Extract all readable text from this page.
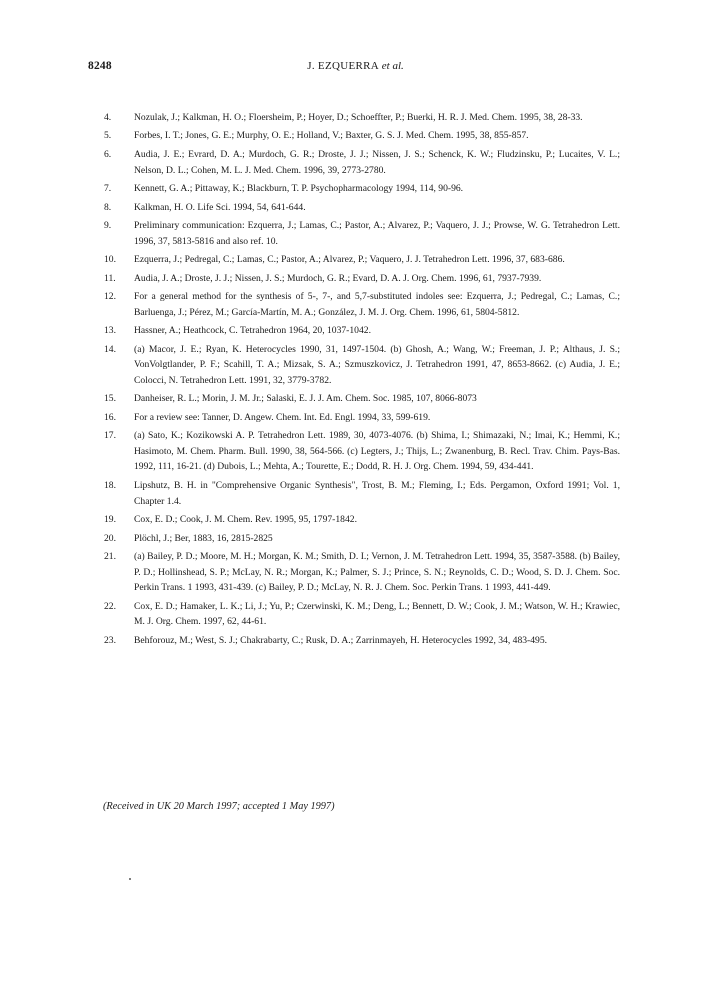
8248	J. EZQUERRA et al.
4. Nozulak, J.; Kalkman, H. O.; Floersheim, P.; Hoyer, D.; Schoeffter, P.; Buerki, H. R. J. Med. Chem. 1995, 38, 28-33.
5. Forbes, I. T.; Jones, G. E.; Murphy, O. E.; Holland, V.; Baxter, G. S. J. Med. Chem. 1995, 38, 855-857.
6. Audia, J. E.; Evrard, D. A.; Murdoch, G. R.; Droste, J. J.; Nissen, J. S.; Schenck, K. W.; Fludzinsku, P.; Lucaites, V. L.; Nelson, D. L.; Cohen, M. L. J. Med. Chem. 1996, 39, 2773-2780.
7. Kennett, G. A.; Pittaway, K.; Blackburn, T. P. Psychopharmacology 1994, 114, 90-96.
8. Kalkman, H. O. Life Sci. 1994, 54, 641-644.
9. Preliminary communication: Ezquerra, J.; Lamas, C.; Pastor, A.; Alvarez, P.; Vaquero, J. J.; Prowse, W. G. Tetrahedron Lett. 1996, 37, 5813-5816 and also ref. 10.
10. Ezquerra, J.; Pedregal, C.; Lamas, C.; Pastor, A.; Alvarez, P.; Vaquero, J. J. Tetrahedron Lett. 1996, 37, 683-686.
11. Audia, J. A.; Droste, J. J.; Nissen, J. S.; Murdoch, G. R.; Evard, D. A. J. Org. Chem. 1996, 61, 7937-7939.
12. For a general method for the synthesis of 5-, 7-, and 5,7-substituted indoles see: Ezquerra, J.; Pedregal, C.; Lamas, C.; Barluenga, J.; Pérez, M.; García-Martín, M. A.; González, J. M. J. Org. Chem. 1996, 61, 5804-5812.
13. Hassner, A.; Heathcock, C. Tetrahedron 1964, 20, 1037-1042.
14. (a) Macor, J. E.; Ryan, K. Heterocycles 1990, 31, 1497-1504. (b) Ghosh, A.; Wang, W.; Freeman, J. P.; Althaus, J. S.; VonVolgtlander, P. F.; Scahill, T. A.; Mizsak, S. A.; Szmuszkovicz, J. Tetrahedron 1991, 47, 8653-8662. (c) Audia, J. E.; Colocci, N. Tetrahedron Lett. 1991, 32, 3779-3782.
15. Danheiser, R. L.; Morin, J. M. Jr.; Salaski, E. J. J. Am. Chem. Soc. 1985, 107, 8066-8073
16. For a review see: Tanner, D. Angew. Chem. Int. Ed. Engl. 1994, 33, 599-619.
17. (a) Sato, K.; Kozikowski A. P. Tetrahedron Lett. 1989, 30, 4073-4076. (b) Shima, I.; Shimazaki, N.; Imai, K.; Hemmi, K.; Hasimoto, M. Chem. Pharm. Bull. 1990, 38, 564-566. (c) Legters, J.; Thijs, L.; Zwanenburg, B. Recl. Trav. Chim. Pays-Bas. 1992, 111, 16-21. (d) Dubois, L.; Mehta, A.; Tourette, E.; Dodd, R. H. J. Org. Chem. 1994, 59, 434-441.
18. Lipshutz, B. H. in "Comprehensive Organic Synthesis", Trost, B. M.; Fleming, I.; Eds. Pergamon, Oxford 1991; Vol. 1, Chapter 1.4.
19. Cox, E. D.; Cook, J. M. Chem. Rev. 1995, 95, 1797-1842.
20. Plöchl, J.; Ber, 1883, 16, 2815-2825
21. (a) Bailey, P. D.; Moore, M. H.; Morgan, K. M.; Smith, D. I.; Vernon, J. M. Tetrahedron Lett. 1994, 35, 3587-3588. (b) Bailey, P. D.; Hollinshead, S. P.; McLay, N. R.; Morgan, K.; Palmer, S. J.; Prince, S. N.; Reynolds, C. D.; Wood, S. D. J. Chem. Soc. Perkin Trans. 1 1993, 431-439. (c) Bailey, P. D.; McLay, N. R. J. Chem. Soc. Perkin Trans. 1 1993, 441-449.
22. Cox, E. D.; Hamaker, L. K.; Li, J.; Yu, P.; Czerwinski, K. M.; Deng, L.; Bennett, D. W.; Cook, J. M.; Watson, W. H.; Krawiec, M. J. Org. Chem. 1997, 62, 44-61.
23. Behforouz, M.; West, S. J.; Chakrabarty, C.; Rusk, D. A.; Zarrinmayeh, H. Heterocycles 1992, 34, 483-495.
(Received in UK 20 March 1997; accepted 1 May 1997)
